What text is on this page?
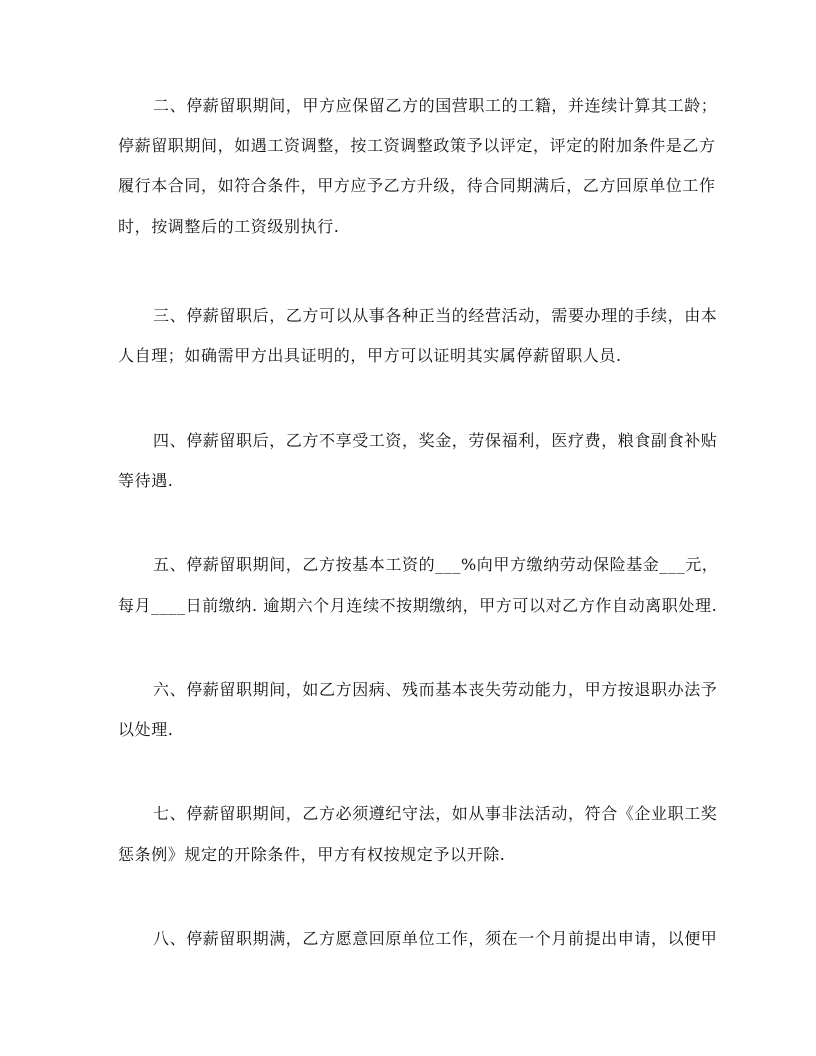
二、停薪留职期间，甲方应保留乙方的国营职工的工籍，并连续计算其工龄；
停薪留职期间，如遇工资调整，按工资调整政策予以评定，评定的附加条件是乙方
履行本合同，如符合条件，甲方应予乙方升级，待合同期满后，乙方回原单位工作
时，按调整后的工资级别执行.
三、停薪留职后，乙方可以从事各种正当的经营活动，需要办理的手续，由本
人自理；如确需甲方出具证明的，甲方可以证明其实属停薪留职人员.
四、停薪留职后，乙方不享受工资，奖金，劳保福利，医疗费，粮食副食补贴
等待遇.
五、停薪留职期间，乙方按基本工资的___%向甲方缴纳劳动保险基金___元，
每月____日前缴纳. 逾期六个月连续不按期缴纳，甲方可以对乙方作自动离职处理.
六、停薪留职期间，如乙方因病、残而基本丧失劳动能力，甲方按退职办法予
以处理.
七、停薪留职期间，乙方必须遵纪守法，如从事非法活动，符合《企业职工奖
惩条例》规定的开除条件，甲方有权按规定予以开除.
八、停薪留职期满，乙方愿意回原单位工作，须在一个月前提出申请，以便甲
